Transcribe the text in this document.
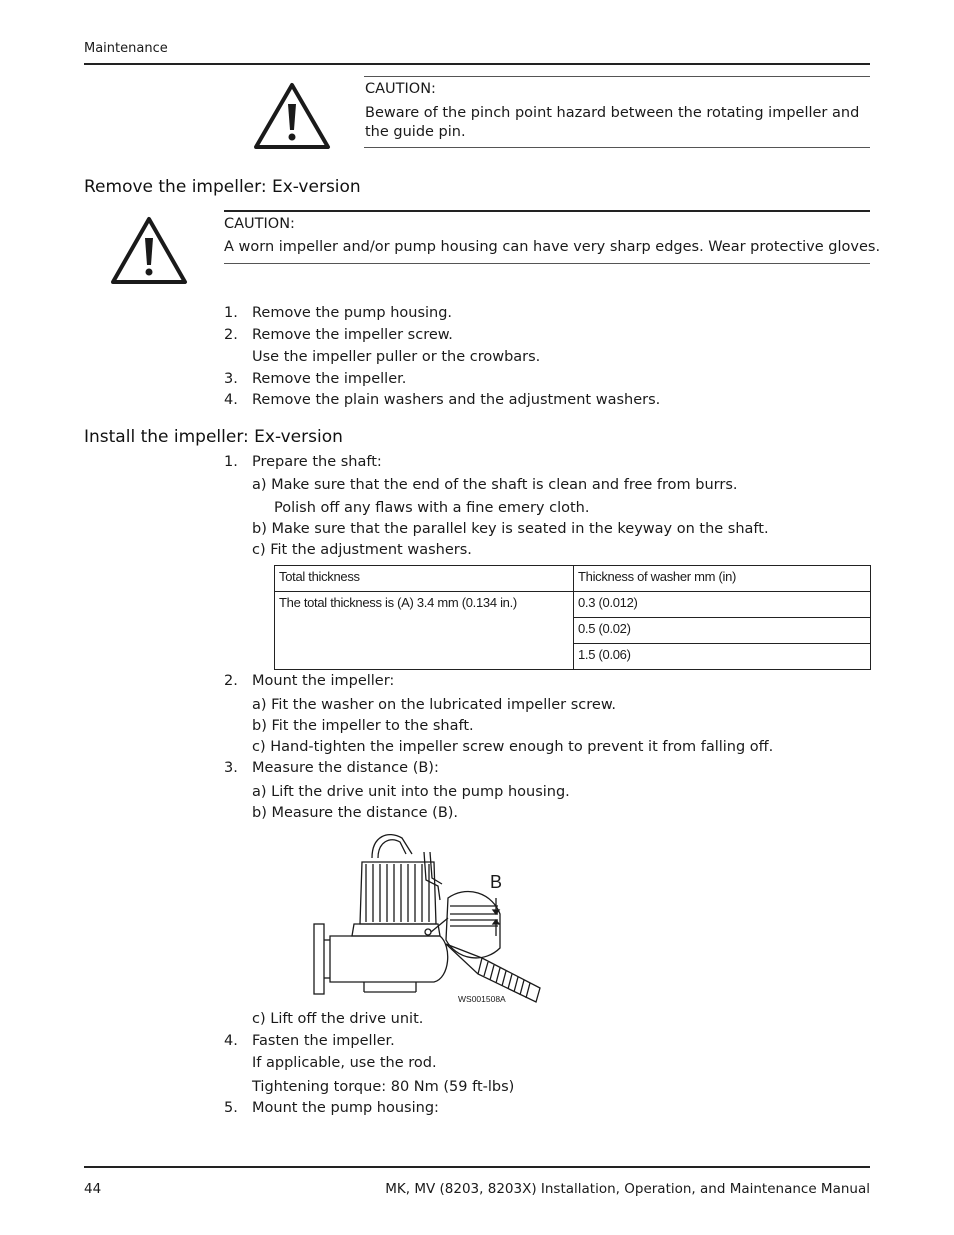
Maintenance
CAUTION:
Beware of the pinch point hazard between the rotating impeller and the guide pin.
Remove the impeller: Ex-version
CAUTION:
A worn impeller and/or pump housing can have very sharp edges. Wear protective gloves.
1. Remove the pump housing.
2. Remove the impeller screw.
Use the impeller puller or the crowbars.
3. Remove the impeller.
4. Remove the plain washers and the adjustment washers.
Install the impeller: Ex-version
1. Prepare the shaft:
a) Make sure that the end of the shaft is clean and free from burrs.
Polish off any flaws with a fine emery cloth.
b) Make sure that the parallel key is seated in the keyway on the shaft.
c) Fit the adjustment washers.
Total thickness	Thickness of washer mm (in)
The total thickness is (A) 3.4 mm (0.134 in.)	0.3 (0.012)
	0.5 (0.02)
	1.5 (0.06)
2. Mount the impeller:
a) Fit the washer on the lubricated impeller screw.
b) Fit the impeller to the shaft.
c) Hand-tighten the impeller screw enough to prevent it from falling off.
3. Measure the distance (B):
a) Lift the drive unit into the pump housing.
b) Measure the distance (B).
B
WS001508A
c) Lift off the drive unit.
4. Fasten the impeller.
If applicable, use the rod.
Tightening torque: 80 Nm (59 ft-lbs)
5. Mount the pump housing:
44	MK, MV (8203, 8203X) Installation, Operation, and Maintenance Manual
